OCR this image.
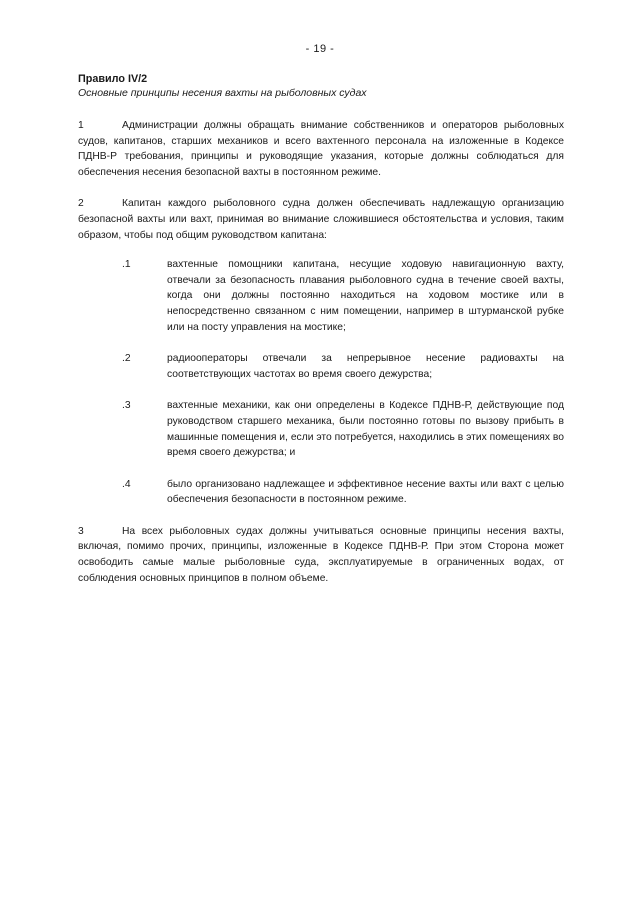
- 19 -

Правило IV/2

Основные принципы несения вахты на рыболовных судах

1	Администрации должны обращать внимание собственников и операторов рыболовных судов, капитанов, старших механиков и всего вахтенного персонала на изложенные в Кодексе ПДНВ-Р требования, принципы и руководящие указания, которые должны соблюдаться для обеспечения несения безопасной вахты в постоянном режиме.

2	Капитан каждого рыболовного судна должен обеспечивать надлежащую организацию безопасной вахты или вахт, принимая во внимание сложившиеся обстоятельства и условия, таким образом, чтобы под общим руководством капитана:

.1	вахтенные помощники капитана, несущие ходовую навигационную вахту, отвечали за безопасность плавания рыболовного судна в течение своей вахты, когда они должны постоянно находиться на ходовом мостике или в непосредственно связанном с ним помещении, например в штурманской рубке или на посту управления на мостике;
.2	радиооператоры отвечали за непрерывное несение радиовахты на соответствующих частотах во время своего дежурства;
.3	вахтенные механики, как они определены в Кодексе ПДНВ-Р, действующие под руководством старшего механика, были постоянно готовы по вызову прибыть в машинные помещения и, если это потребуется, находились в этих помещениях во время своего дежурства; и
.4	было организовано надлежащее и эффективное несение вахты или вахт с целью обеспечения безопасности в постоянном режиме.

3	На всех рыболовных судах должны учитываться основные принципы несения вахты, включая, помимо прочих, принципы, изложенные в Кодексе ПДНВ-Р. При этом Сторона может освободить самые малые рыболовные суда, эксплуатируемые в ограниченных водах, от соблюдения основных принципов в полном объеме.
